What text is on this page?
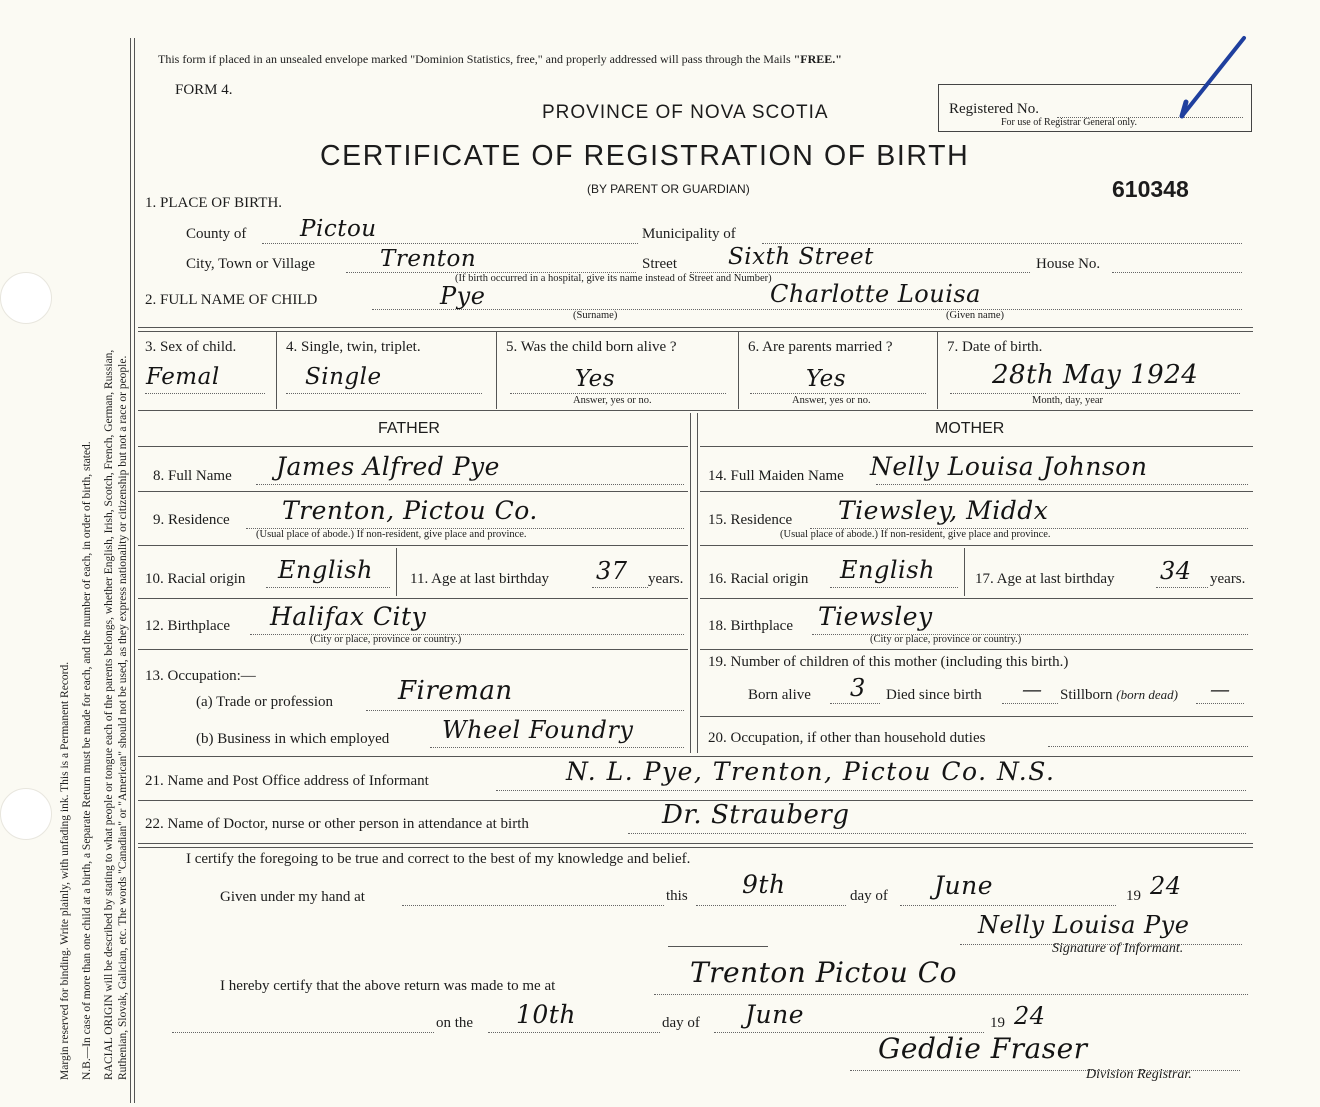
Margin reserved for binding. Write plainly, with unfading ink. This is a Permanent Record. N.B.—In case of more than one child at a birth, a Separate Return must be made for each, and the number of each, in order of birth, stated. RACIAL ORIGIN will be described by stating to what people or tongue each of the parents belongs, whether English, Irish, Scotch, French, German, Russian, Ruthenian, Slovak, Galician, etc. The words "Canadian" or "American" should not be used, as they express nationality or citizenship but not a race or people.
This form if placed in an unsealed envelope marked "Dominion Statistics, free," and properly addressed will pass through the Mails "FREE."
FORM 4.
PROVINCE OF NOVA SCOTIA	Registered No.
For use of Registrar General only.
CERTIFICATE OF REGISTRATION OF BIRTH
(BY PARENT OR GUARDIAN)	610348
1. PLACE OF BIRTH.
County of Pictou	Municipality of
City, Town or Village	Trenton	Street Sixth Street	House No.
(If birth occurred in a hospital, give its name instead of Street and Number)
2. FULL NAME OF CHILD	Pye	Charlotte Louisa
(Surname)	(Given name)
3. Sex of child.
Femal
4. Single, twin, triplet.
Single
5. Was the child born alive ?
Yes
Answer, yes or no.
6. Are parents married ?
Yes
Answer, yes or no.
7. Date of birth.
28th May 1924
Month, day, year
FATHER	MOTHER
8. Full Name James Alfred Pye	14. Full Maiden Name Nelly Louisa Johnson
9. Residence Trenton, Pictou Co.
(Usual place of abode.) If non-resident, give place and province.
15. Residence Tiewsley, Middx
(Usual place of abode.) If non-resident, give place and province.
10. Racial origin English 11. Age at last birthday 37 years. 16. Racial origin English	17. Age at last birthday 34 years.
12. Birthplace Halifax City
(City or place, province or country.)
18. Birthplace Tiewsley
(City or place, province or country.)
13. Occupation:—
(a) Trade or profession Fireman
(b) Business in which employed Wheel Foundry
19. Number of children of this mother (including this birth.)
Born alive 3 Died since birth — Stillborn (born dead) —
20. Occupation, if other than household duties
21. Name and Post Office address of Informant	N. L. Pye, Trenton, Pictou Co. N.S.
22. Name of Doctor, nurse or other person in attendance at birth	Dr. Strauberg
I certify the foregoing to be true and correct to the best of my knowledge and belief.
Given under my hand at	this 9th	day of June	19 24
Nelly Louisa Pye
Signature of Informant.
I hereby certify that the above return was made to me at	Trenton Pictou Co
on the 10th	day of June	19 24
Geddie Fraser
Division Registrar.
